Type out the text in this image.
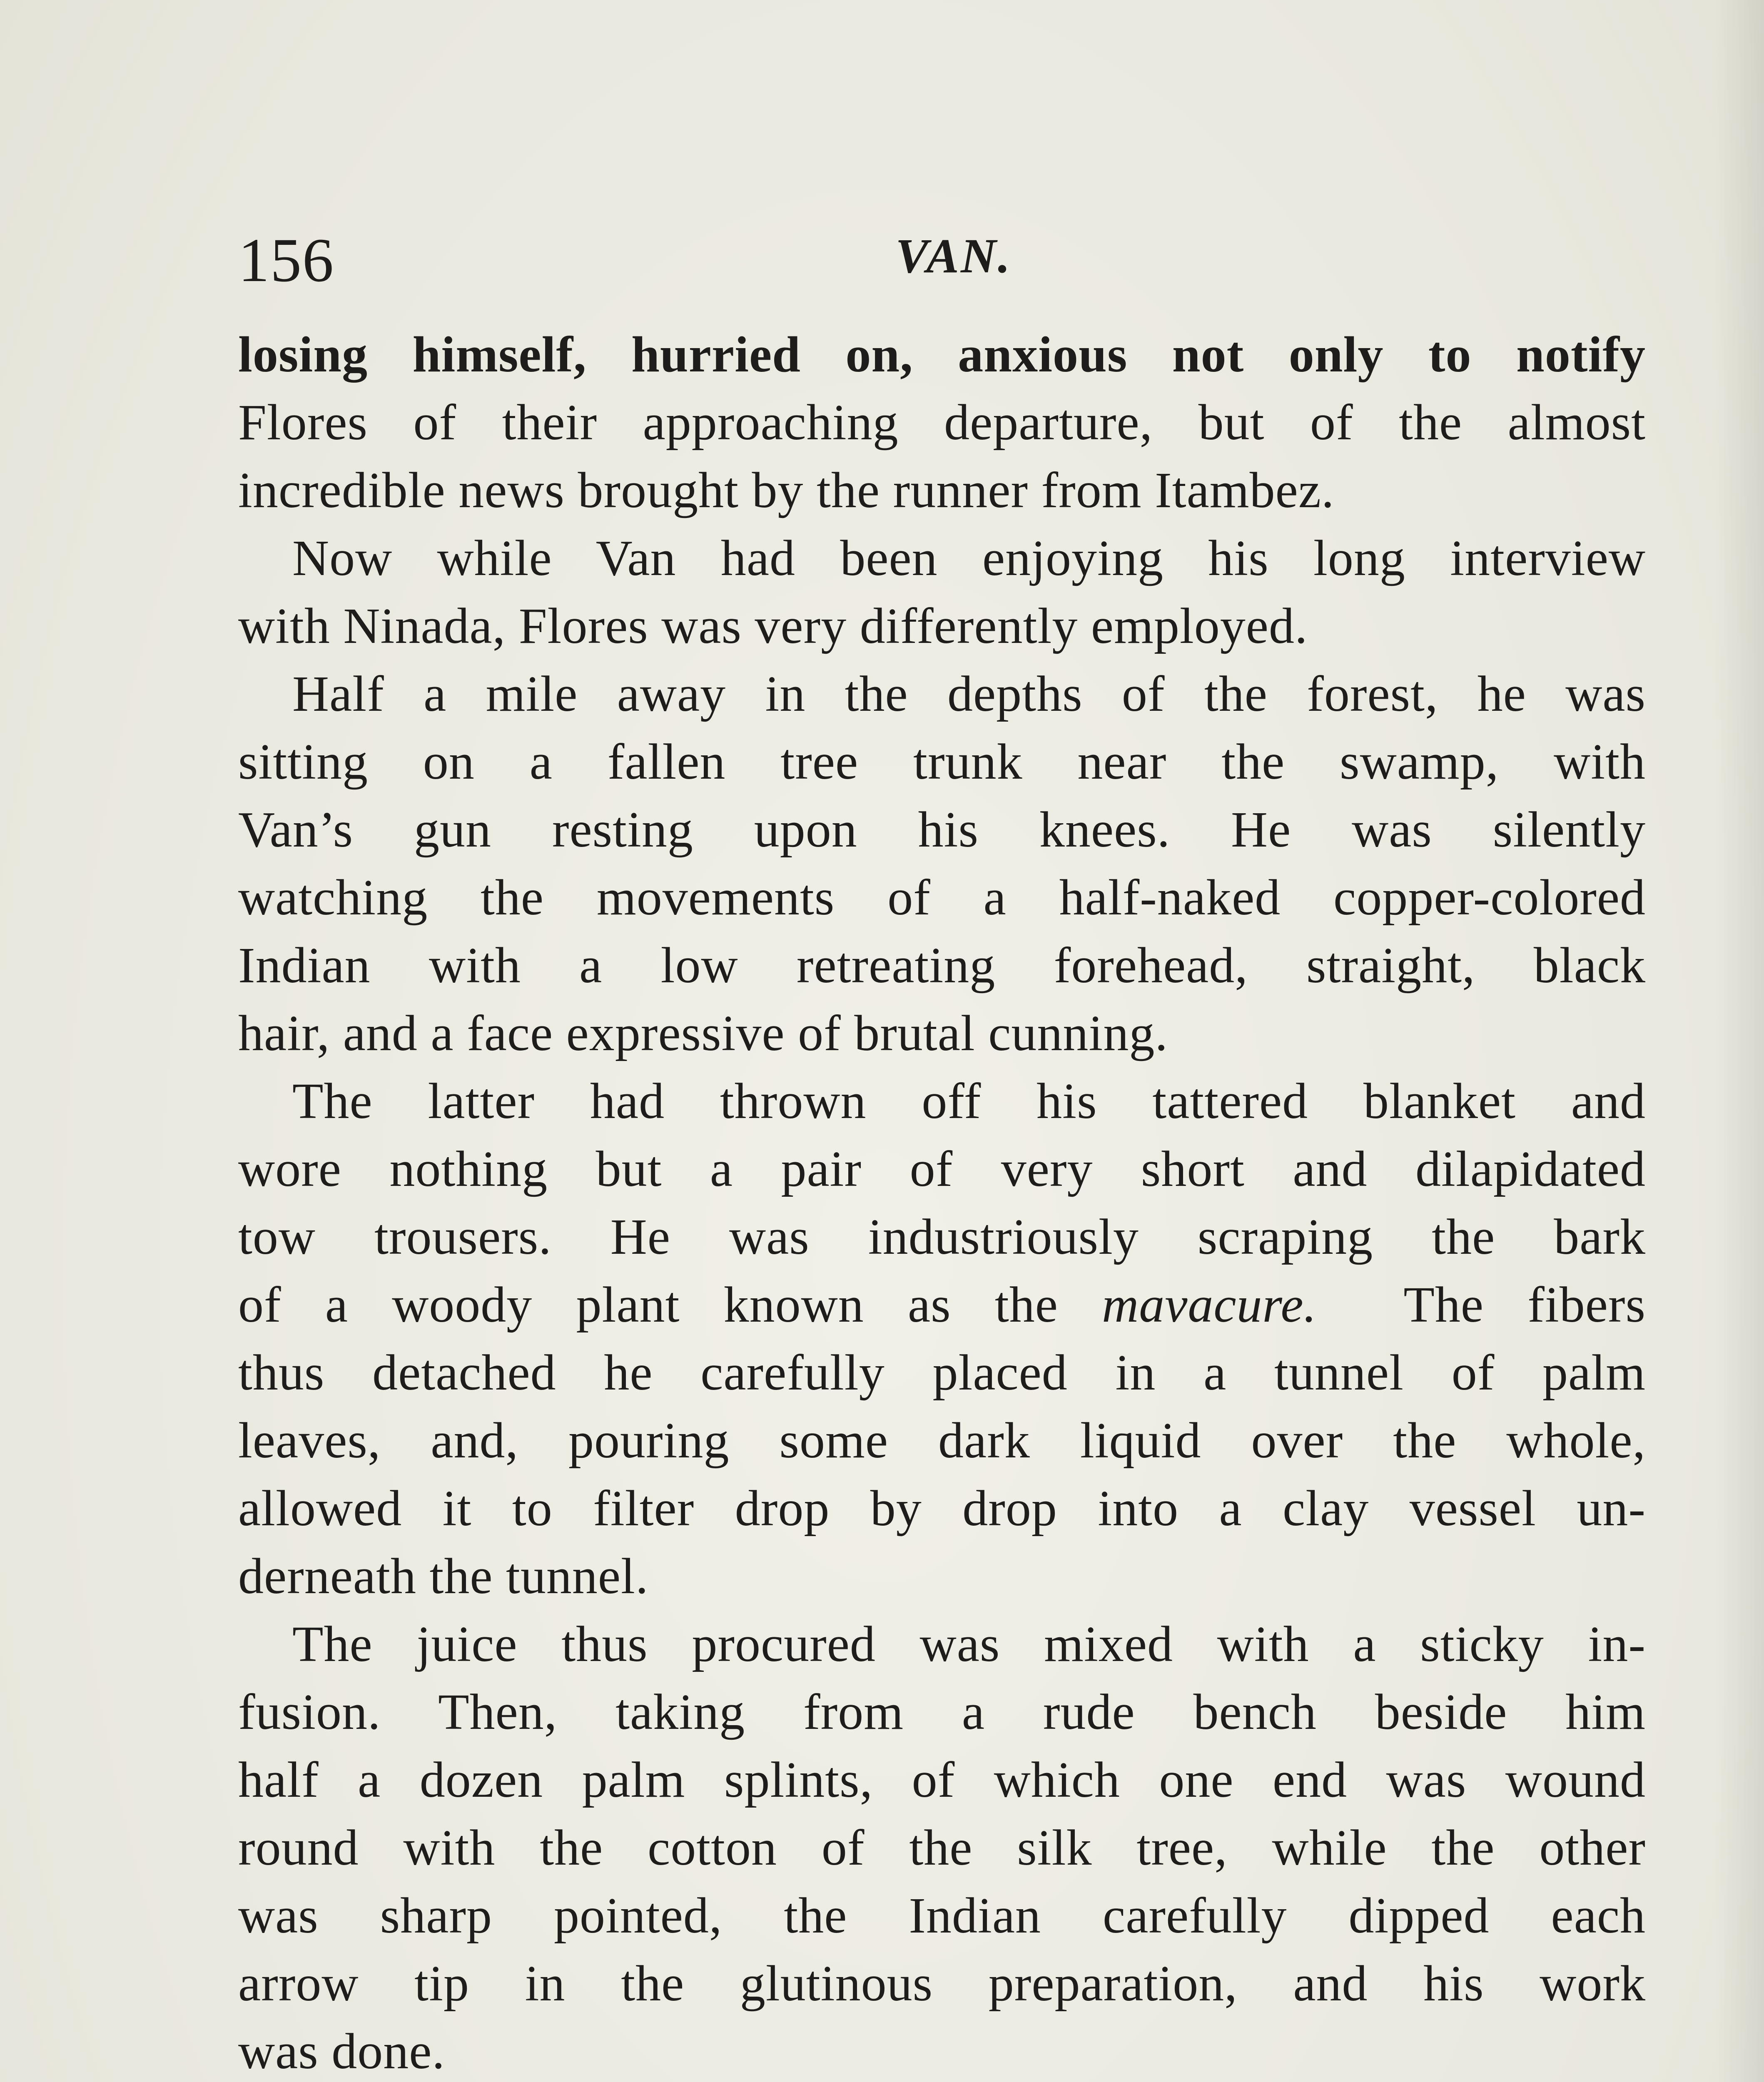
156	VAN.
losing himself, hurried on, anxious not only to notify
Flores of their approaching departure, but of the almost
incredible news brought by the runner from Itambez.
Now while Van had been enjoying his long interview
with Ninada, Flores was very differently employed.
Half a mile away in the depths of the forest, he was
sitting on a fallen tree trunk near the swamp, with
Van’s gun resting upon his knees. He was silently
watching the movements of a half-naked copper-colored
Indian with a low retreating forehead, straight, black
hair, and a face expressive of brutal cunning.
The latter had thrown off his tattered blanket and
wore nothing but a pair of very short and dilapidated
tow trousers. He was industriously scraping the bark
of a woody plant known as the mavacure.  The fibers
thus detached he carefully placed in a tunnel of palm
leaves, and, pouring some dark liquid over the whole,
allowed it to filter drop by drop into a clay vessel un-
derneath the tunnel.
The juice thus procured was mixed with a sticky in-
fusion. Then, taking from a rude bench beside him
half a dozen palm splints, of which one end was wound
round with the cotton of the silk tree, while the other
was sharp pointed, the Indian carefully dipped each
arrow tip in the glutinous preparation, and his work
was done.
